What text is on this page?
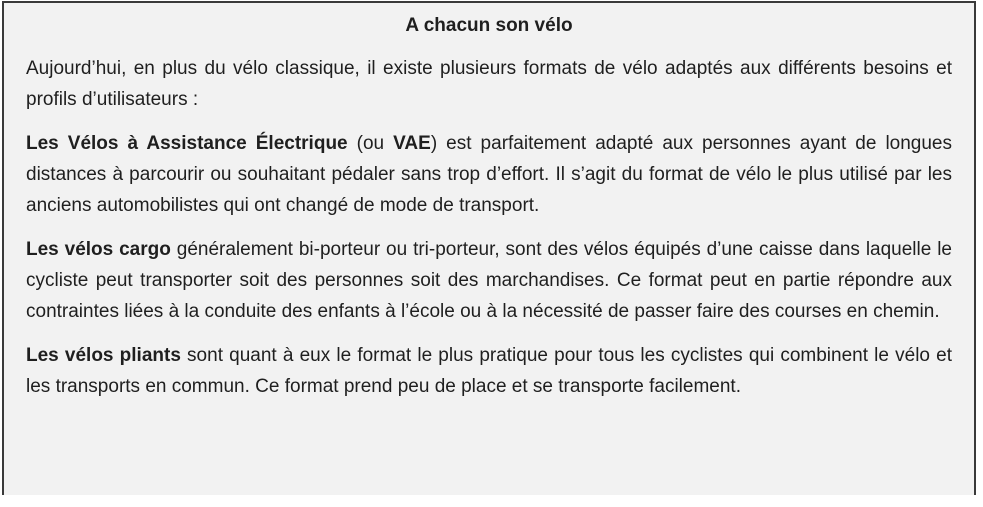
A chacun son vélo

Aujourd’hui, en plus du vélo classique, il existe plusieurs formats de vélo adaptés aux différents besoins et profils d’utilisateurs :

Les Vélos à Assistance Électrique (ou VAE) est parfaitement adapté aux personnes ayant de longues distances à parcourir ou souhaitant pédaler sans trop d’effort. Il s’agit du format de vélo le plus utilisé par les anciens automobilistes qui ont changé de mode de transport.

Les vélos cargo généralement bi-porteur ou tri-porteur, sont des vélos équipés d’une caisse dans laquelle le cycliste peut transporter soit des personnes soit des marchandises. Ce format peut en partie répondre aux contraintes liées à la conduite des enfants à l’école ou à la nécessité de passer faire des courses en chemin.

Les vélos pliants sont quant à eux le format le plus pratique pour tous les cyclistes qui combinent le vélo et les transports en commun. Ce format prend peu de place et se transporte facilement.
